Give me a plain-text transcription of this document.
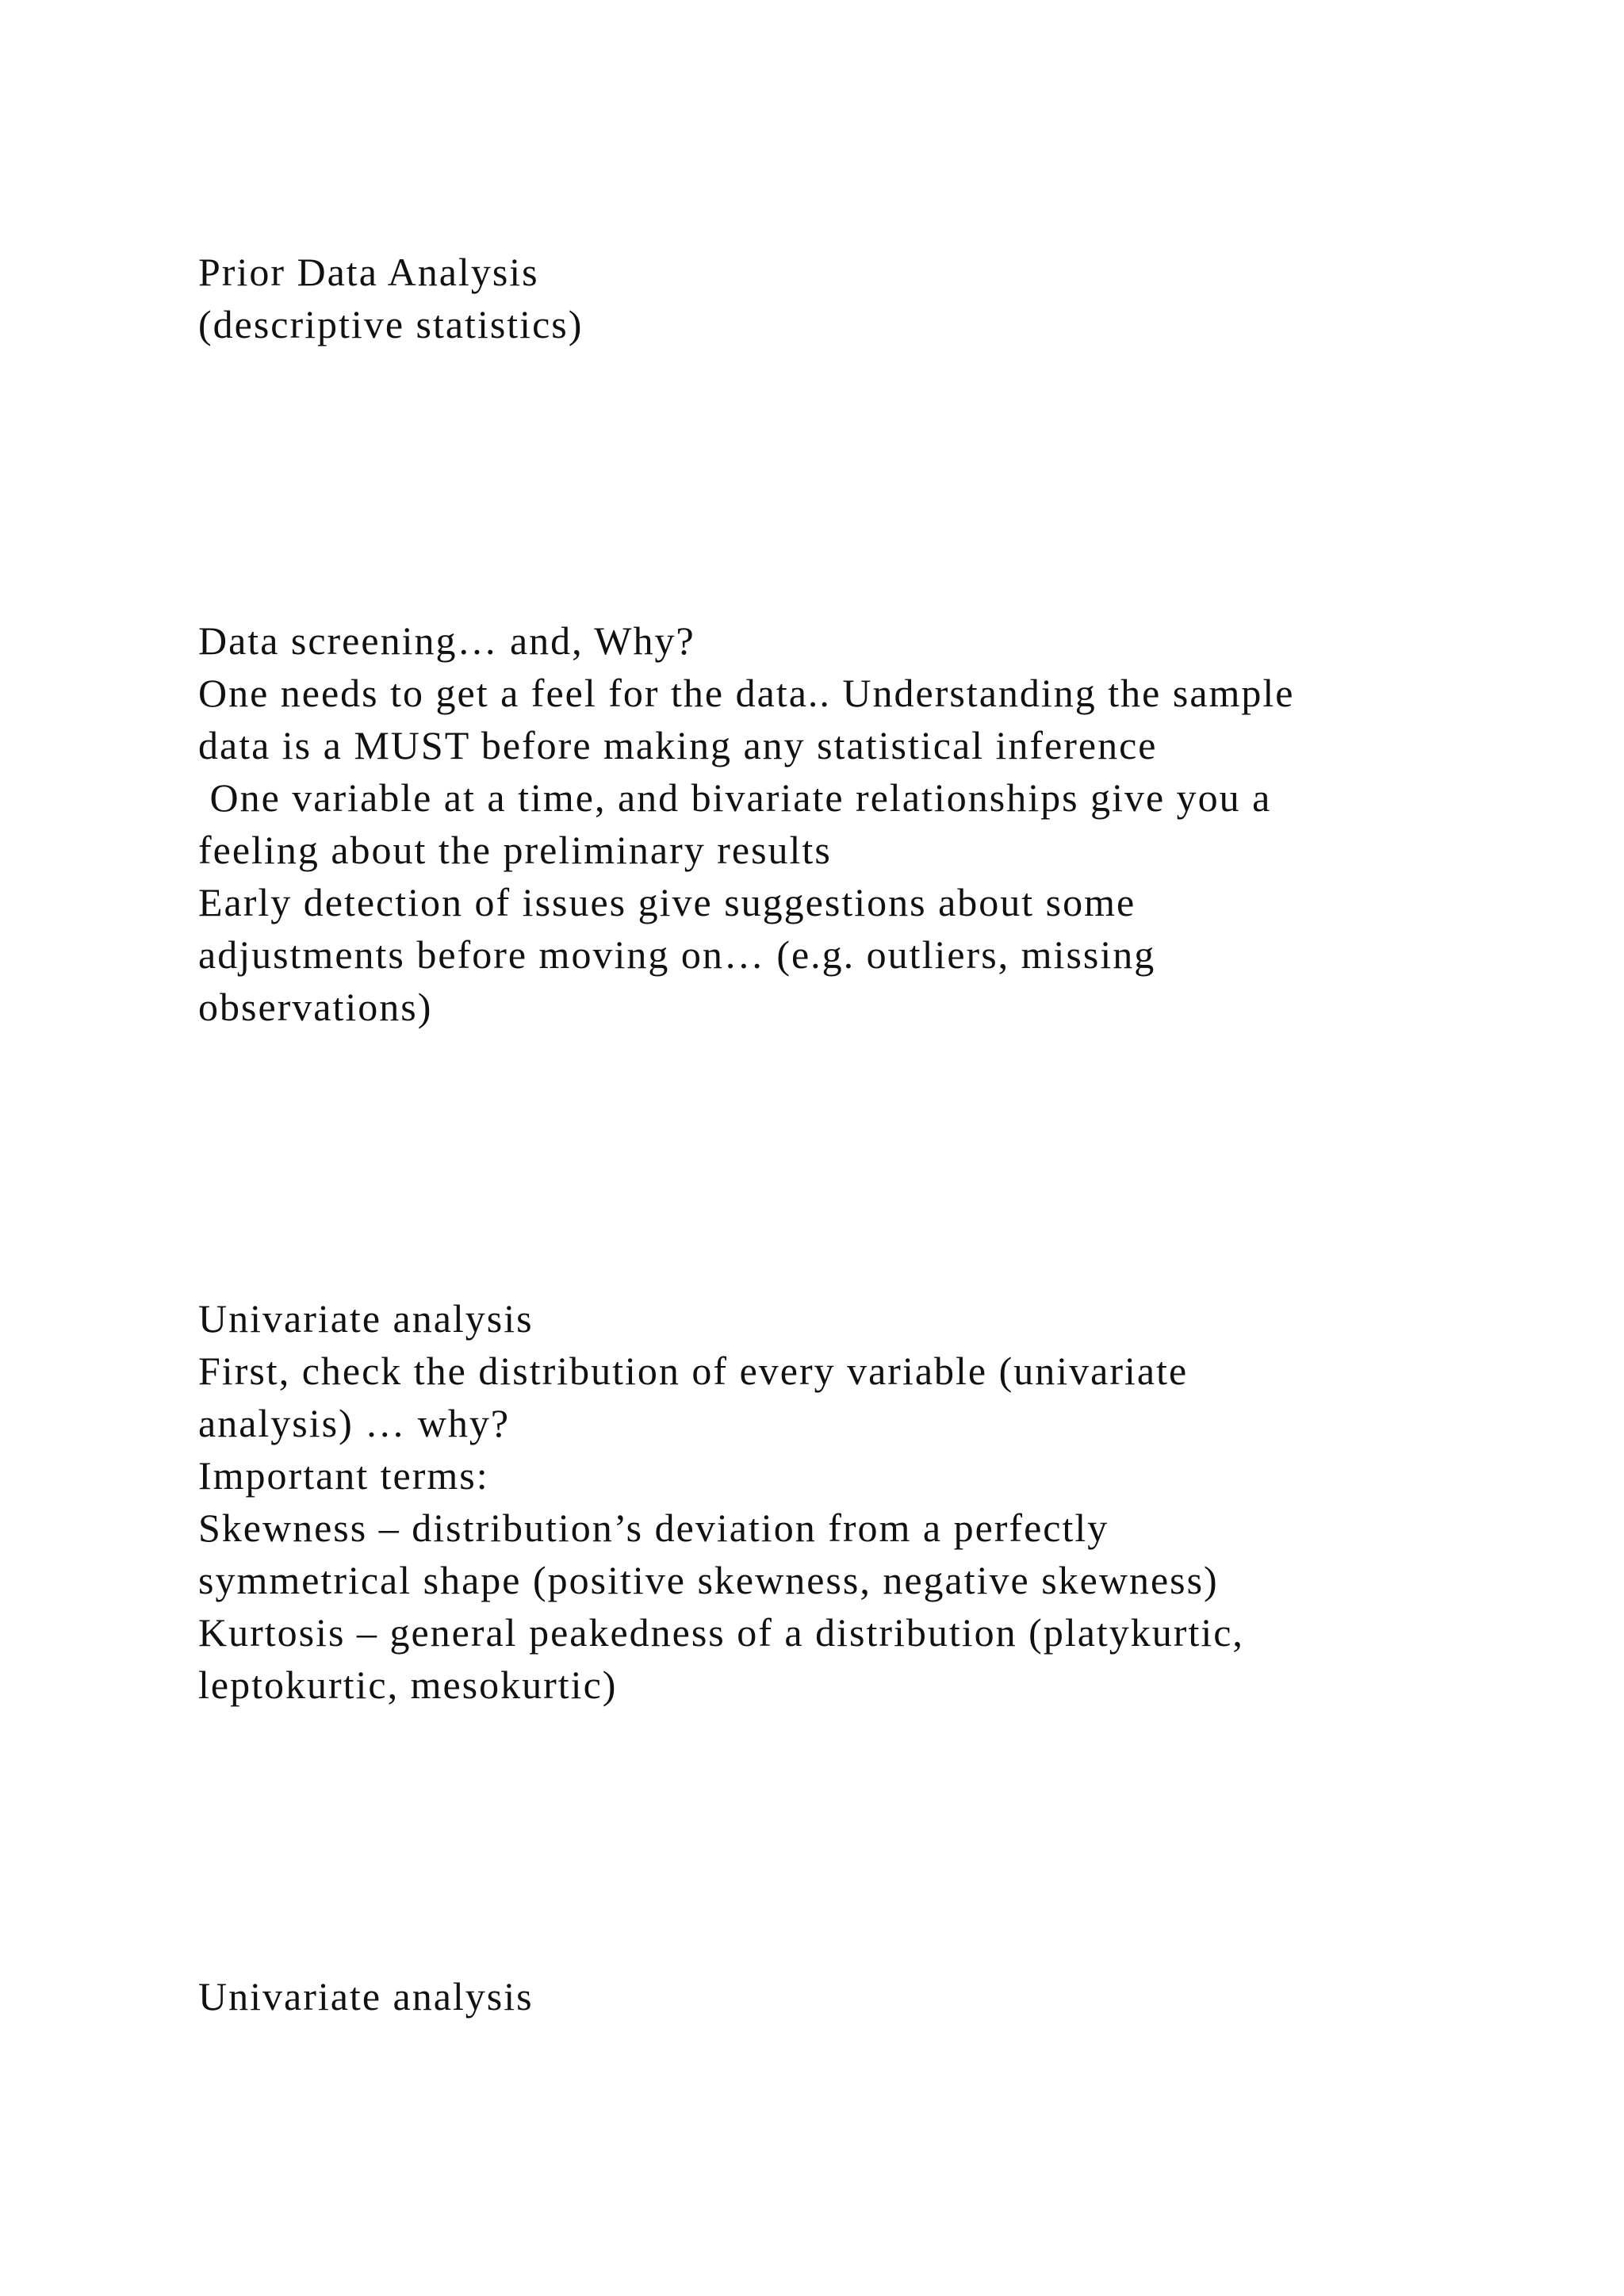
Prior Data Analysis

(descriptive statistics)

Data screening… and, Why?

One needs to get a feel for the data.. Understanding the sample

data is a MUST before making any statistical inference

One variable at a time, and bivariate relationships give you a

feeling about the preliminary results

Early detection of issues give suggestions about some

adjustments before moving on… (e.g. outliers, missing

observations)

Univariate analysis

First, check the distribution of every variable (univariate

analysis) … why?

Important terms:

Skewness – distribution’s deviation from a perfectly

symmetrical shape (positive skewness, negative skewness)

Kurtosis – general peakedness of a distribution (platykurtic,

leptokurtic, mesokurtic)

Univariate analysis
